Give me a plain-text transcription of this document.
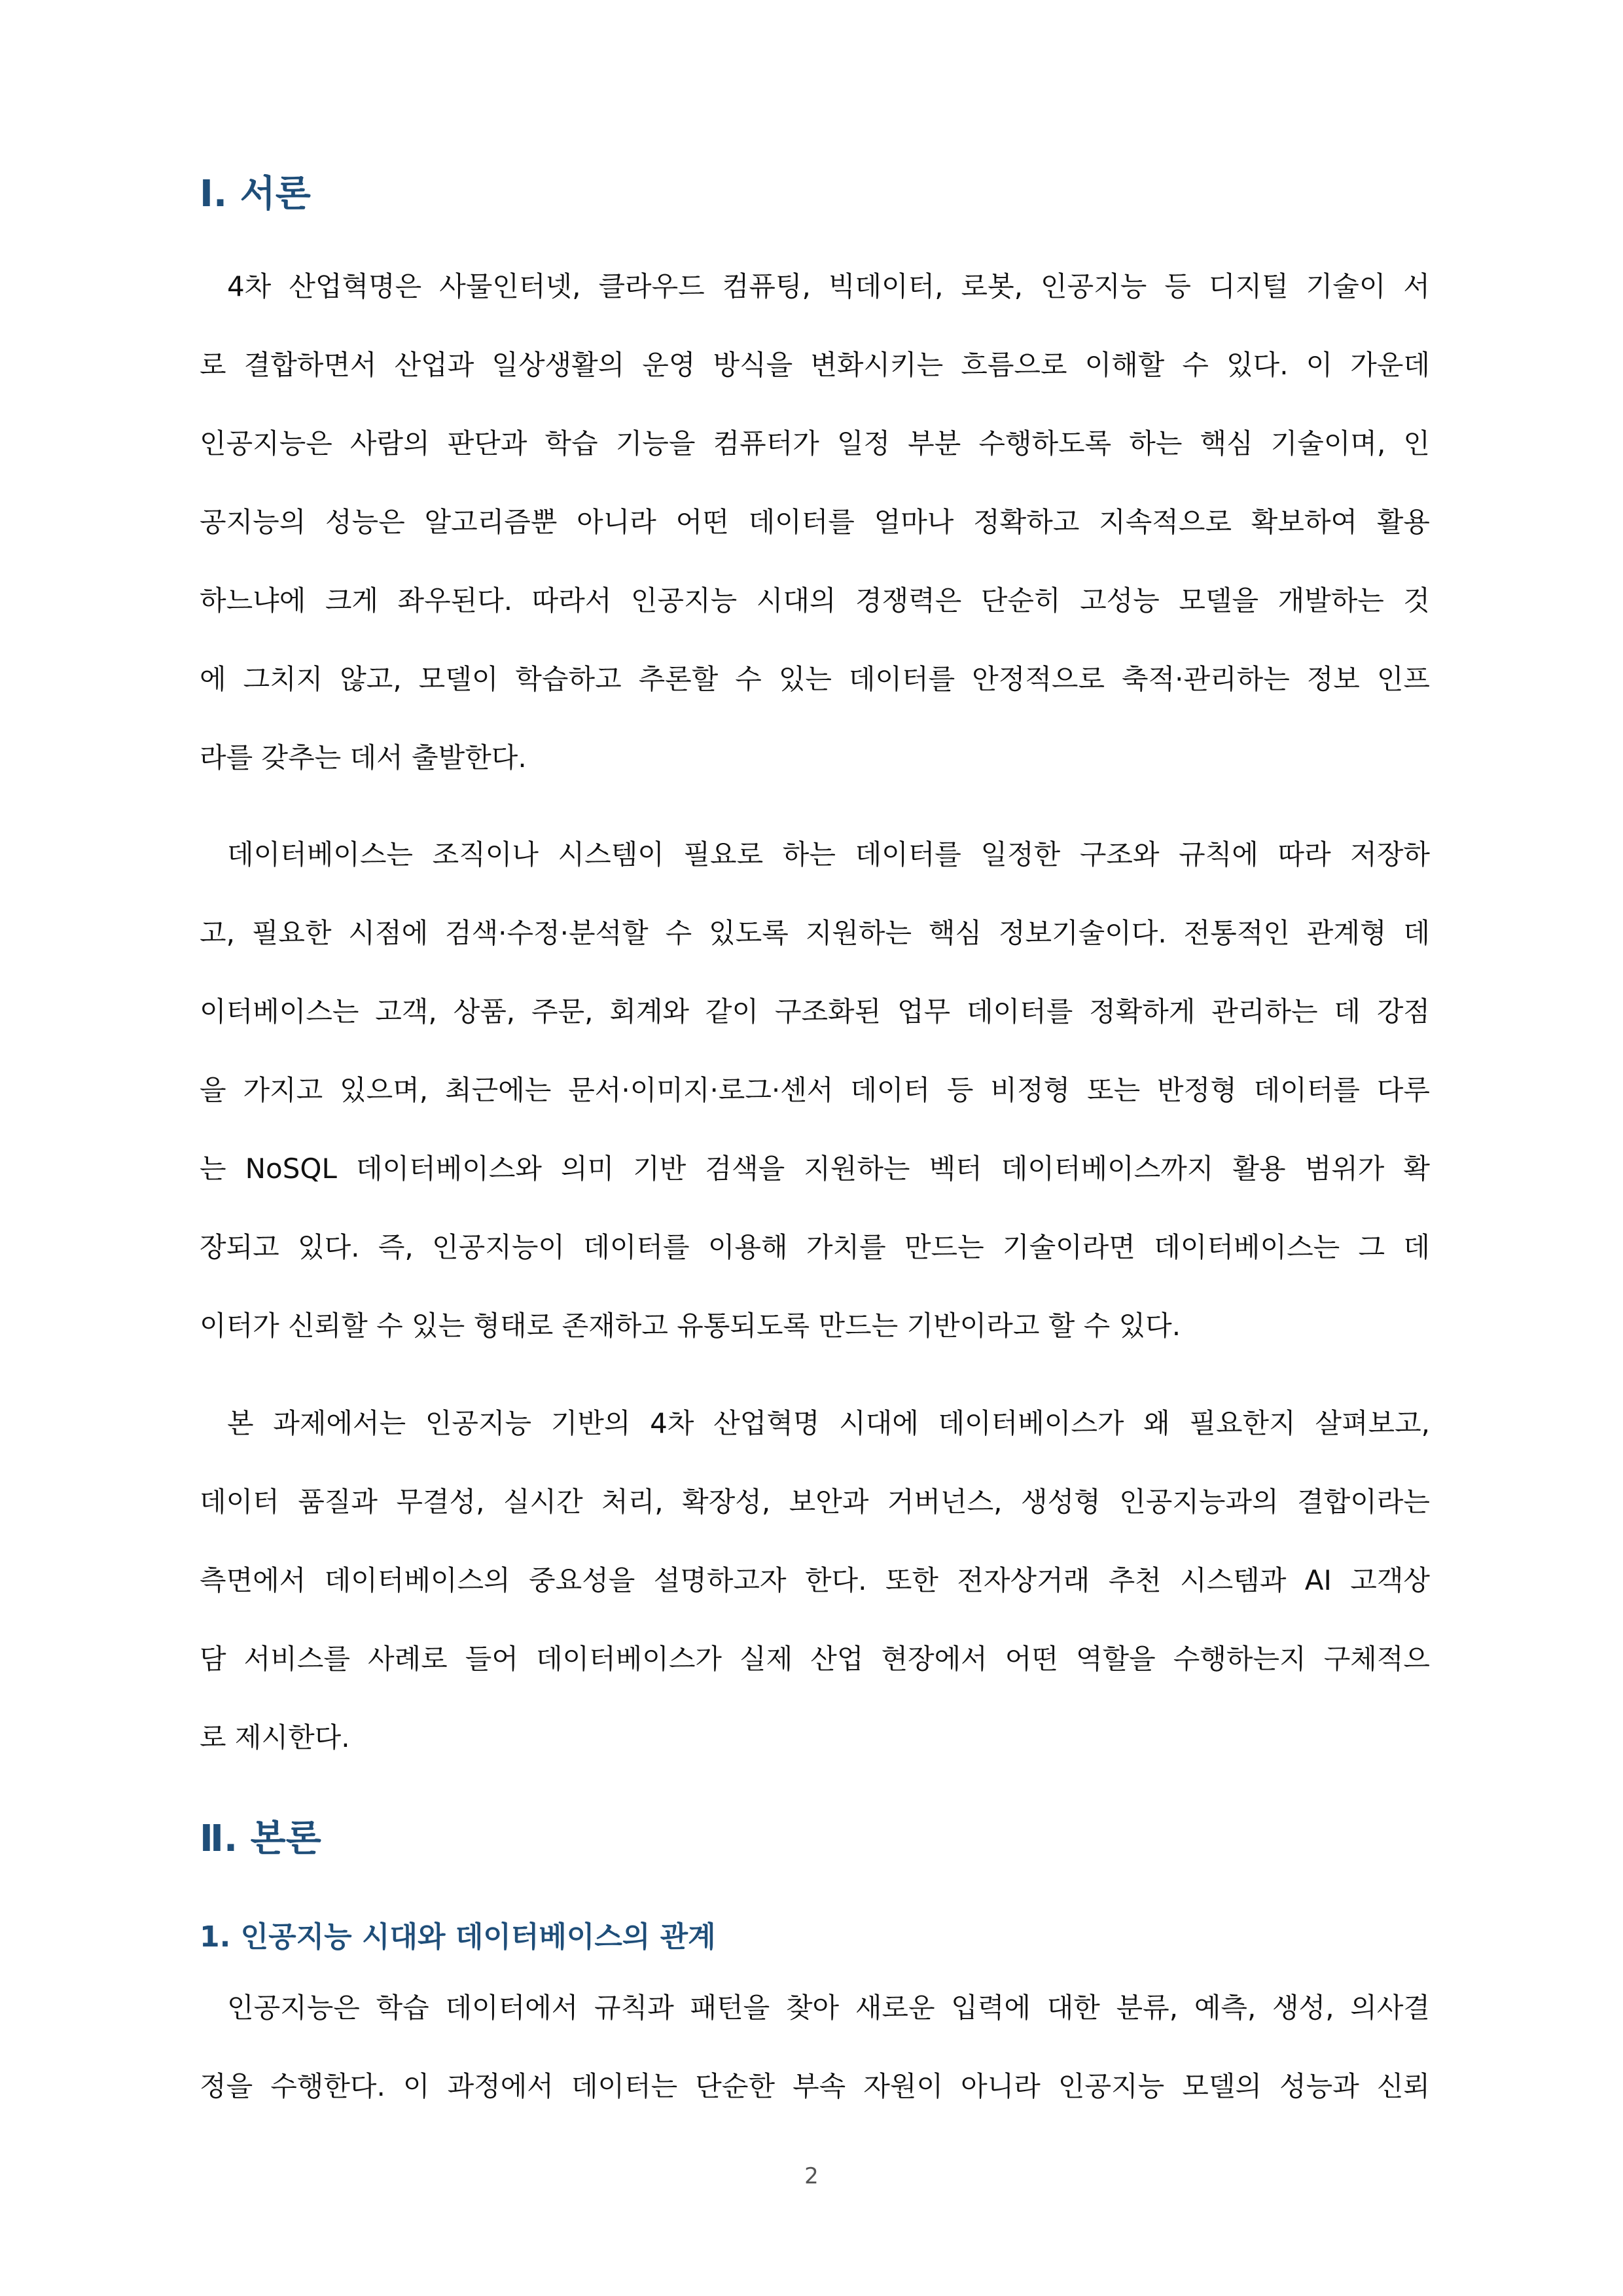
Ⅰ. 서론
4차 산업혁명은 사물인터넷, 클라우드 컴퓨팅, 빅데이터, 로봇, 인공지능 등 디지털 기술이 서
로 결합하면서 산업과 일상생활의 운영 방식을 변화시키는 흐름으로 이해할 수 있다. 이 가운데
인공지능은 사람의 판단과 학습 기능을 컴퓨터가 일정 부분 수행하도록 하는 핵심 기술이며, 인
공지능의 성능은 알고리즘뿐 아니라 어떤 데이터를 얼마나 정확하고 지속적으로 확보하여 활용
하느냐에 크게 좌우된다. 따라서 인공지능 시대의 경쟁력은 단순히 고성능 모델을 개발하는 것
에 그치지 않고, 모델이 학습하고 추론할 수 있는 데이터를 안정적으로 축적·관리하는 정보 인프
라를 갖추는 데서 출발한다.
데이터베이스는 조직이나 시스템이 필요로 하는 데이터를 일정한 구조와 규칙에 따라 저장하
고, 필요한 시점에 검색·수정·분석할 수 있도록 지원하는 핵심 정보기술이다. 전통적인 관계형 데
이터베이스는 고객, 상품, 주문, 회계와 같이 구조화된 업무 데이터를 정확하게 관리하는 데 강점
을 가지고 있으며, 최근에는 문서·이미지·로그·센서 데이터 등 비정형 또는 반정형 데이터를 다루
는 NoSQL 데이터베이스와 의미 기반 검색을 지원하는 벡터 데이터베이스까지 활용 범위가 확
장되고 있다. 즉, 인공지능이 데이터를 이용해 가치를 만드는 기술이라면 데이터베이스는 그 데
이터가 신뢰할 수 있는 형태로 존재하고 유통되도록 만드는 기반이라고 할 수 있다.
본 과제에서는 인공지능 기반의 4차 산업혁명 시대에 데이터베이스가 왜 필요한지 살펴보고,
데이터 품질과 무결성, 실시간 처리, 확장성, 보안과 거버넌스, 생성형 인공지능과의 결합이라는
측면에서 데이터베이스의 중요성을 설명하고자 한다. 또한 전자상거래 추천 시스템과 AI 고객상
담 서비스를 사례로 들어 데이터베이스가 실제 산업 현장에서 어떤 역할을 수행하는지 구체적으
로 제시한다.
Ⅱ. 본론
1. 인공지능 시대와 데이터베이스의 관계
인공지능은 학습 데이터에서 규칙과 패턴을 찾아 새로운 입력에 대한 분류, 예측, 생성, 의사결
정을 수행한다. 이 과정에서 데이터는 단순한 부속 자원이 아니라 인공지능 모델의 성능과 신뢰
2
